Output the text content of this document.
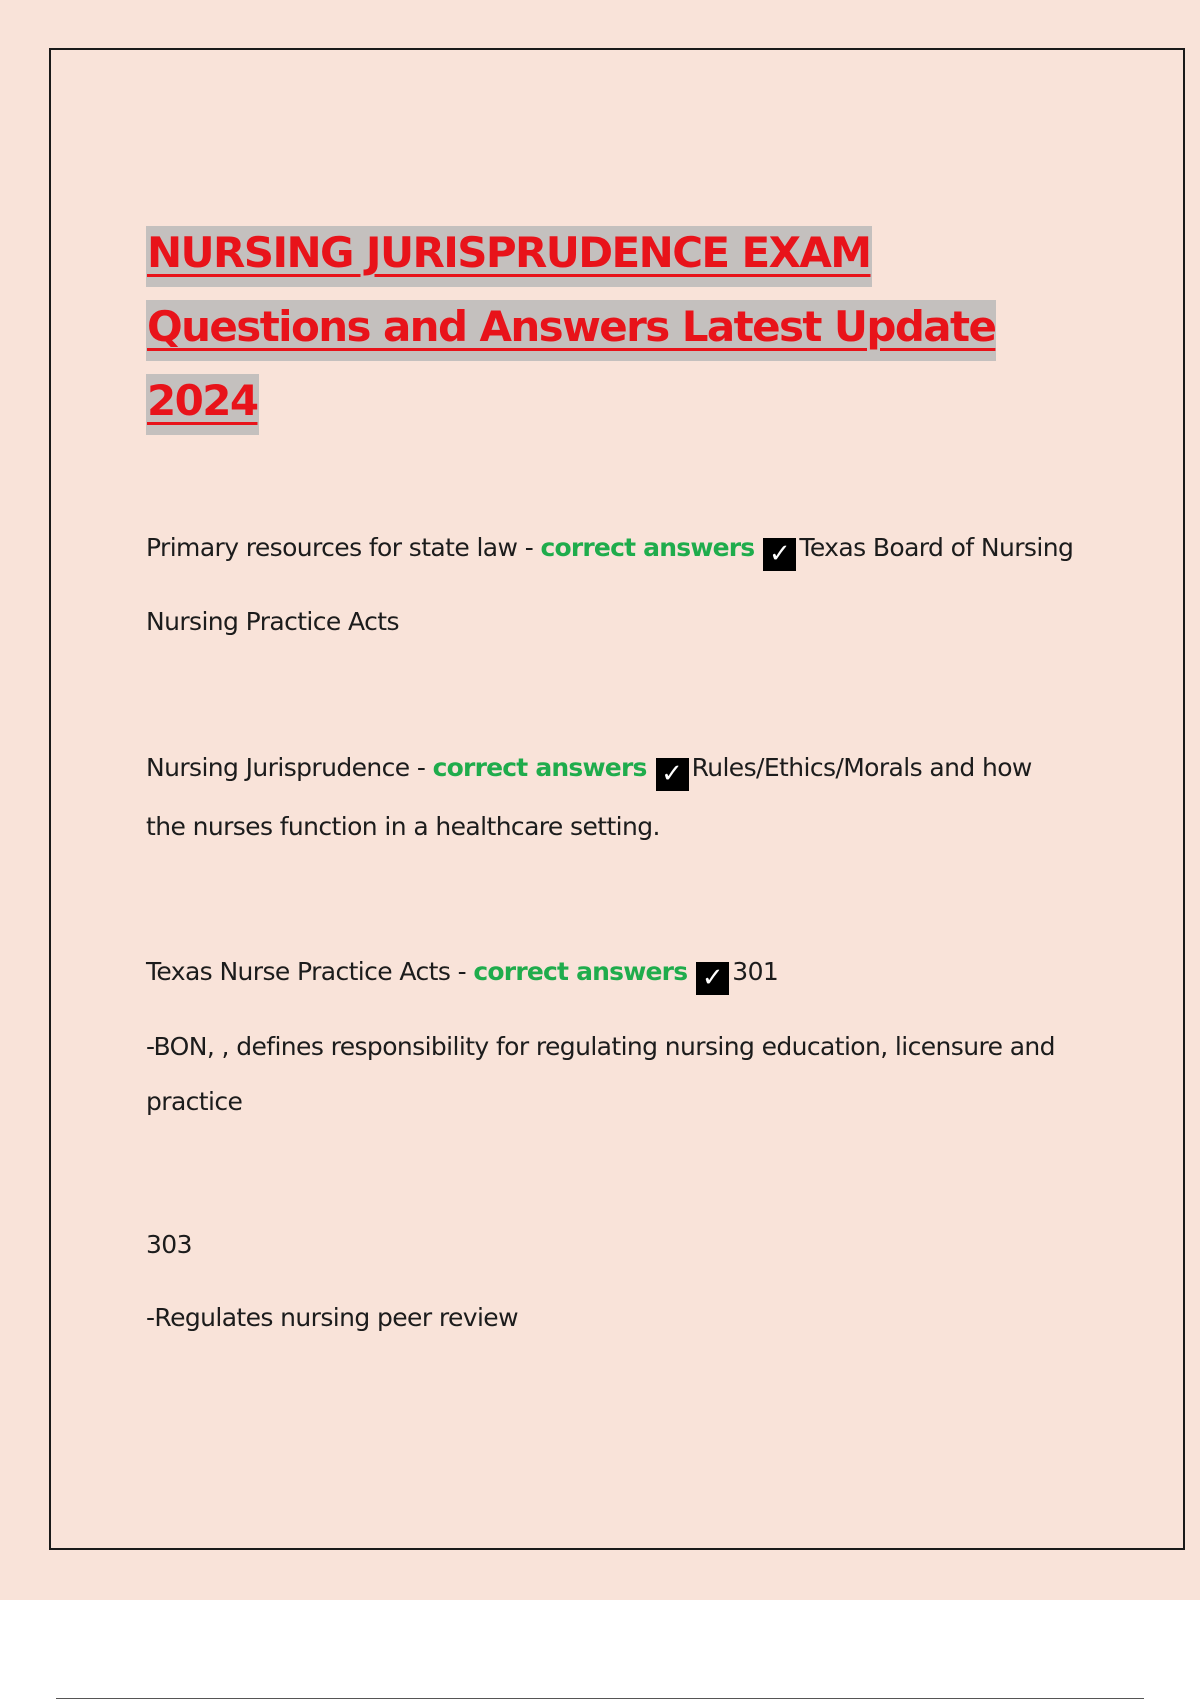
NURSING JURISPRUDENCE EXAM
Questions and Answers Latest Update
2024
Primary resources for state law - correct answers ✓ Texas Board of Nursing
Nursing Practice Acts
Nursing Jurisprudence - correct answers ✓ Rules/Ethics/Morals and how
the nurses function in a healthcare setting.
Texas Nurse Practice Acts - correct answers ✓ 301
-BON, , defines responsibility for regulating nursing education, licensure and
practice
303
-Regulates nursing peer review
